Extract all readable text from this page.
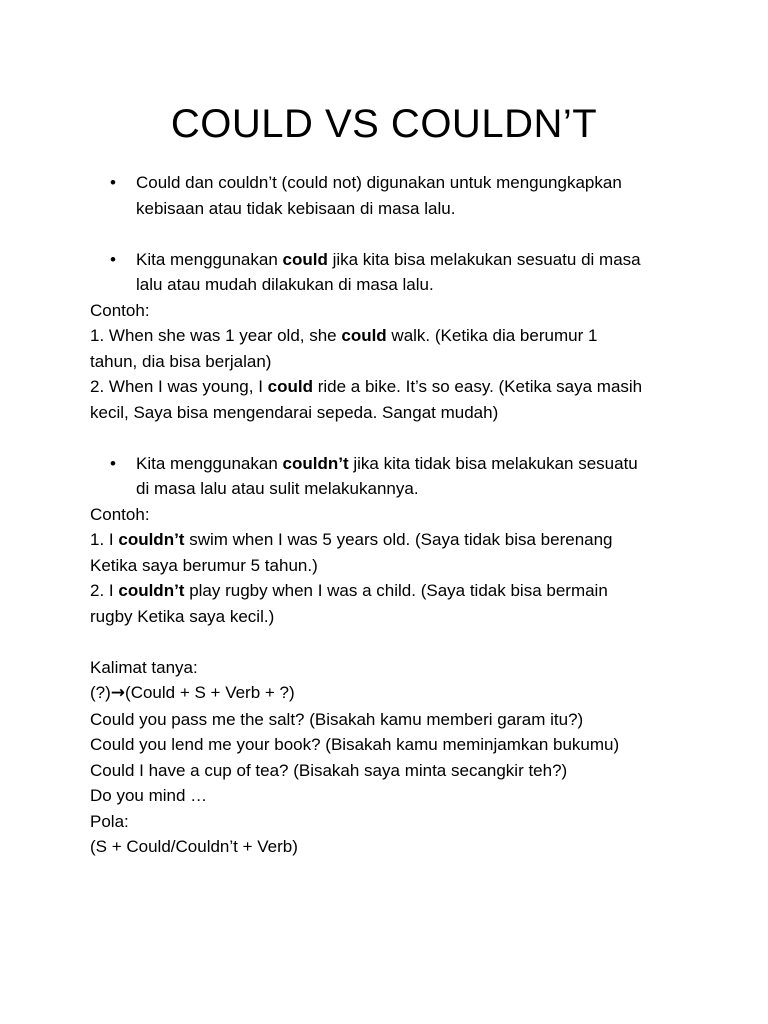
COULD VS COULDN’T
• Could dan couldn’t (could not) digunakan untuk mengungkapkan
kebisaan atau tidak kebisaan di masa lalu.
• Kita menggunakan could jika kita bisa melakukan sesuatu di masa
lalu atau mudah dilakukan di masa lalu.
Contoh:
1. When she was 1 year old, she could walk. (Ketika dia berumur 1
tahun, dia bisa berjalan)
2. When I was young, I could ride a bike. It’s so easy. (Ketika saya masih
kecil, Saya bisa mengendarai sepeda. Sangat mudah)
• Kita menggunakan couldn’t jika kita tidak bisa melakukan sesuatu
di masa lalu atau sulit melakukannya.
Contoh:
1. I couldn’t swim when I was 5 years old. (Saya tidak bisa berenang
Ketika saya berumur 5 tahun.)
2. I couldn’t play rugby when I was a child. (Saya tidak bisa bermain
rugby Ketika saya kecil.)
Kalimat tanya:
(?)→(Could + S + Verb + ?)
Could you pass me the salt? (Bisakah kamu memberi garam itu?)
Could you lend me your book? (Bisakah kamu meminjamkan bukumu)
Could I have a cup of tea? (Bisakah saya minta secangkir teh?)
Do you mind …
Pola:
(S + Could/Couldn’t + Verb)
